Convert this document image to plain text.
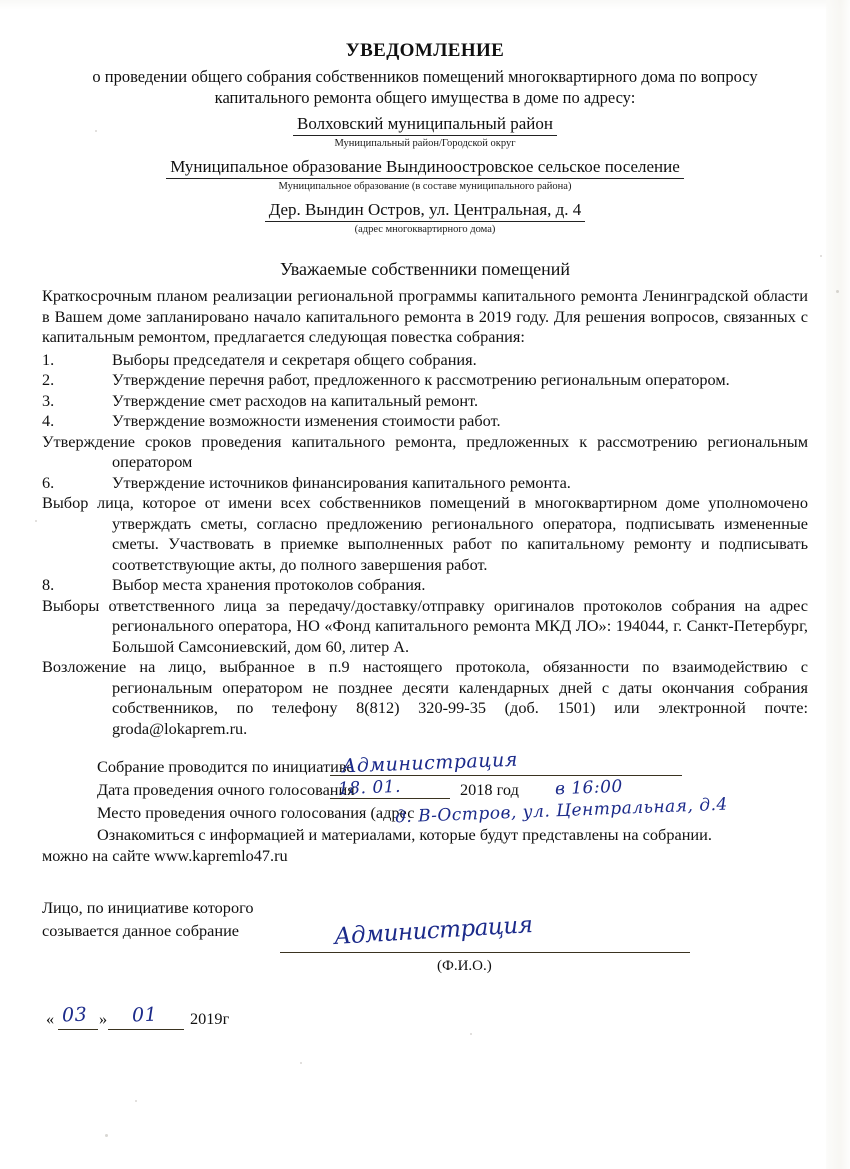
УВЕДОМЛЕНИЕ
о проведении общего собрания собственников помещений многоквартирного дома по вопросу
капитального ремонта общего имущества в доме по адресу:
Волховский муниципальный район
Муниципальный район/Городской округ
Муниципальное образование Вындиноостровское сельское поселение
Муниципальное образование (в составе муниципального района)
Дер. Вындин Остров, ул. Центральная, д. 4
(адрес многоквартирного дома)
Уважаемые собственники помещений

Краткосрочным планом реализации региональной программы капитального ремонта Ленинградской области в Вашем доме запланировано начало капитального ремонта в 2019 году. Для решения вопросов, связанных с капитальным ремонтом, предлагается следующая повестка собрания:

1.	Выборы председателя и секретаря общего собрания.
2.	Утверждение перечня работ, предложенного к рассмотрению региональным оператором.
3.	Утверждение смет расходов на капитальный ремонт.
4.	Утверждение возможности изменения стоимости работ.
Утверждение сроков проведения капитального ремонта, предложенных к рассмотрению региональным оператором
6.	Утверждение источников финансирования капитального ремонта.
Выбор лица, которое от имени всех собственников помещений в многоквартирном доме уполномочено утверждать сметы, согласно предложению регионального оператора, подписывать измененные сметы. Участвовать в приемке выполненных работ по капитальному ремонту и подписывать соответствующие акты, до полного завершения работ.
8.	Выбор места хранения протоколов собрания.
Выборы ответственного лица за передачу/доставку/отправку оригиналов протоколов собрания на адрес регионального оператора, НО «Фонд капитального ремонта МКД ЛО»: 194044, г. Санкт-Петербург, Большой Самсониевский, дом 60, литер А.
Возложение на лицо, выбранное в п.9 настоящего протокола, обязанности по взаимодействию с региональным оператором не позднее десяти календарных дней с даты окончания собрания собственников, по телефону 8(812) 320-99-35 (доб. 1501) или электронной почте: groda@lokaprem.ru.
Собрание проводится по инициативе
Администрация
Дата проведения очного голосования
18. 01.	2018 год в 16:00
Место проведения очного голосования (адрес
д. В-Остров, ул. Центральная, д.4
Ознакомиться с информацией и материалами, которые будут представлены на собрании.
можно на сайте www.kapremlo47.ru
Лицо, по инициативе которого
созывается данное собрание	Администрация
(Ф.И.О.)
« 03 » 01 2019г
